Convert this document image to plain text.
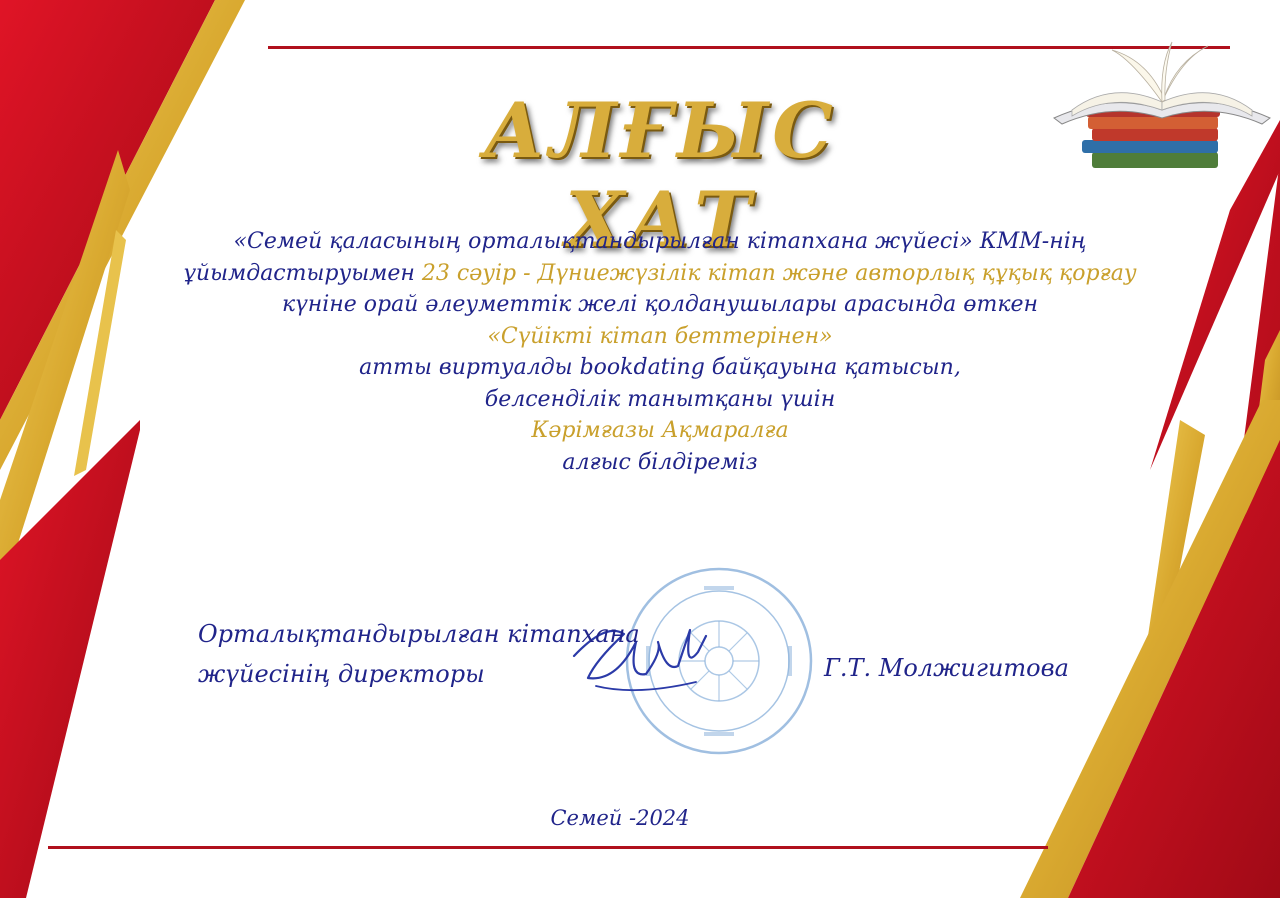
АЛҒЫС ХАТ
«Семей қаласының орталықтандырылған кітапхана жүйесі» КММ-нің
ұйымдастыруымен 23 сәуір - Дүниежүзілік кітап және авторлық құқық қорғау
күніне орай әлеуметтік желі қолданушылары арасында өткен
«Сүйікті кітап беттерінен»
атты виртуалды bookdating байқауына қатысып,
белсенділік танытқаны үшін
Кәрімғазы Ақмаралға
алғыс білдіреміз
Орталықтандырылған кітапхана
жүйесінің директоры	Г.Т. Молжигитова
Семей -2024
